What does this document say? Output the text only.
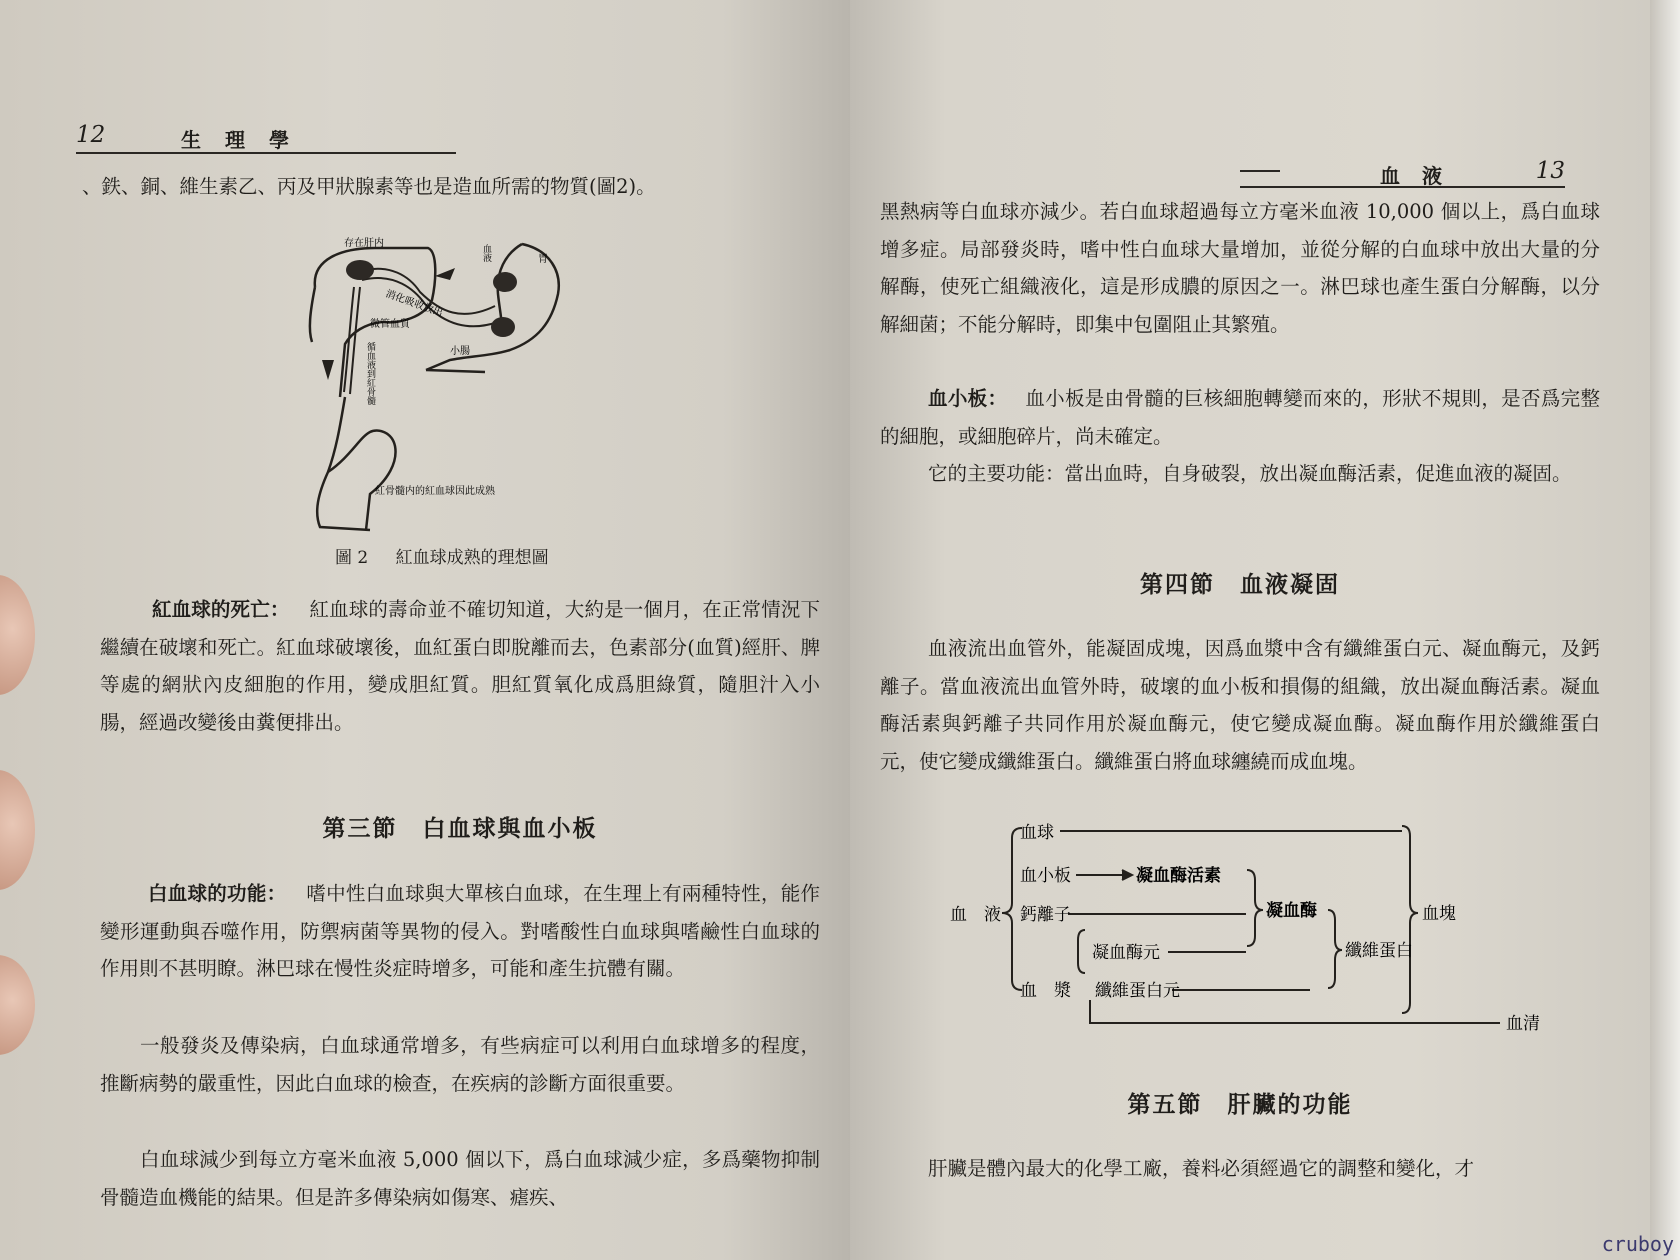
12	生理學
、鉄、銅、維生素乙、丙及甲狀腺素等也是造血所需的物質(圖2)。
存在肝内
消化吸收放出
微管血質
胃
血液
小腸
循血液到紅骨髓
紅骨髓内的紅血球因此成熟
圖 2 紅血球成熟的理想圖
紅血球的死亡： 紅血球的壽命並不確切知道，大約是一個月，在正常情況下繼續在破壞和死亡。紅血球破壞後，血紅蛋白即脫離而去，色素部分(血質)經肝、脾等處的網狀內皮細胞的作用，變成胆紅質。胆紅質氧化成爲胆綠質，隨胆汁入小腸，經過改變後由糞便排出。
第三節　白血球與血小板
白血球的功能： 嗜中性白血球與大單核白血球，在生理上有兩種特性，能作變形運動與吞噬作用，防禦病菌等異物的侵入。對嗜酸性白血球與嗜鹼性白血球的作用則不甚明瞭。淋巴球在慢性炎症時增多，可能和產生抗體有關。
一般發炎及傳染病，白血球通常增多，有些病症可以利用白血球增多的程度，推斷病勢的嚴重性，因此白血球的檢查，在疾病的診斷方面很重要。
白血球減少到每立方毫米血液 5,000 個以下，爲白血球減少症，多爲藥物抑制骨髓造血機能的結果。但是許多傳染病如傷寒、瘧疾、
血液	13
黑熱病等白血球亦減少。若白血球超過每立方毫米血液 10,000 個以上，爲白血球增多症。局部發炎時，嗜中性白血球大量增加，並從分解的白血球中放出大量的分解酶，使死亡組織液化，這是形成膿的原因之一。淋巴球也產生蛋白分解酶，以分解細菌；不能分解時，即集中包圍阻止其繁殖。
血小板： 血小板是由骨髓的巨核細胞轉變而來的，形狀不規則，是否爲完整的細胞，或細胞碎片，尚未確定。
它的主要功能：當出血時，自身破裂，放出凝血酶活素，促進血液的凝固。
第四節　血液凝固
血液流出血管外，能凝固成塊，因爲血漿中含有纖維蛋白元、凝血酶元，及鈣離子。當血液流出血管外時，破壞的血小板和損傷的組織，放出凝血酶活素。凝血酶活素與鈣離子共同作用於凝血酶元，使它變成凝血酶。凝血酶作用於纖維蛋白元，使它變成纖維蛋白。纖維蛋白將血球纏繞而成血塊。
血　液
血球
血小板	凝血酶活素
鈣離子	凝血酶
凝血酶元	纖維蛋白
血　漿 纖維蛋白元
血塊
血清
第五節　肝臟的功能
肝臟是體內最大的化學工廠，養料必須經過它的調整和變化，才
cruboy
